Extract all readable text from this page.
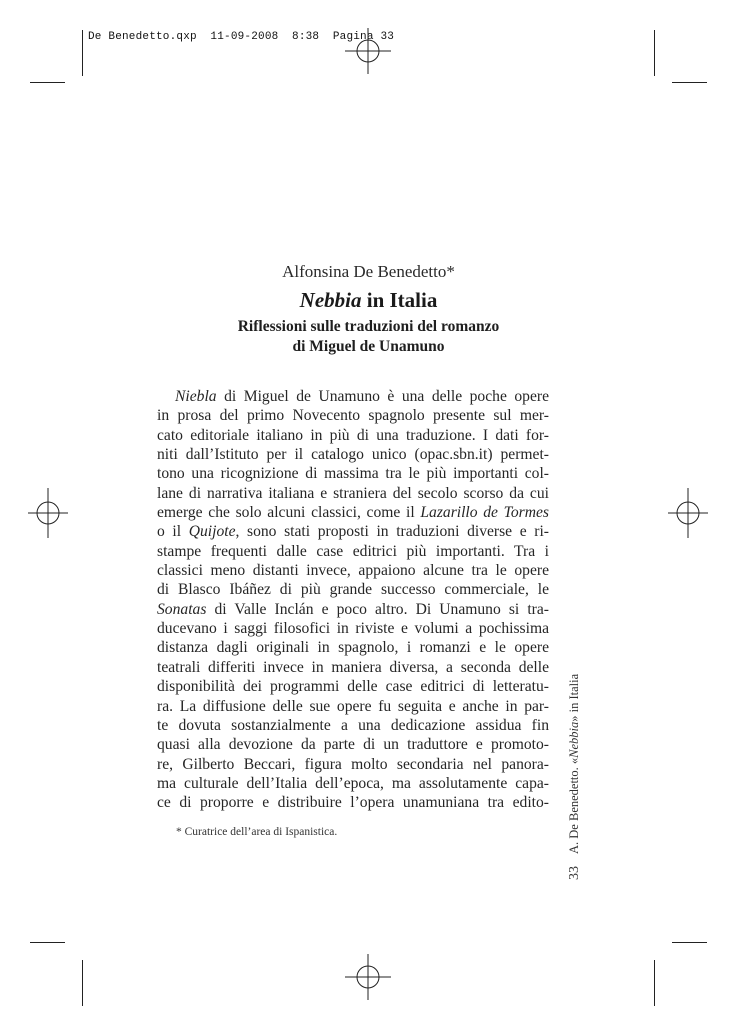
De Benedetto.qxp  11-09-2008  8:38  Pagina 33
Alfonsina De Benedetto*
Nebbia in Italia
Riflessioni sulle traduzioni del romanzo
di Miguel de Unamuno
Niebla di Miguel de Unamuno è una delle poche opere
in prosa del primo Novecento spagnolo presente sul mer-
cato editoriale italiano in più di una traduzione. I dati for-
niti dall’Istituto per il catalogo unico (opac.sbn.it) permet-
tono una ricognizione di massima tra le più importanti col-
lane di narrativa italiana e straniera del secolo scorso da cui
emerge che solo alcuni classici, come il Lazarillo de Tormes
o il Quijote, sono stati proposti in traduzioni diverse e ri-
stampe frequenti dalle case editrici più importanti. Tra i
classici meno distanti invece, appaiono alcune tra le opere
di Blasco Ibáñez di più grande successo commerciale, le
Sonatas di Valle Inclán e poco altro. Di Unamuno si tra-
ducevano i saggi filosofici in riviste e volumi a pochissima
distanza dagli originali in spagnolo, i romanzi e le opere
teatrali differiti invece in maniera diversa, a seconda delle
disponibilità dei programmi delle case editrici di letteratu-
ra. La diffusione delle sue opere fu seguita e anche in par-
te dovuta sostanzialmente a una dedicazione assidua fin
quasi alla devozione da parte di un traduttore e promoto-
re, Gilberto Beccari, figura molto secondaria nel panora-
ma culturale dell’Italia dell’epoca, ma assolutamente capa-
ce di proporre e distribuire l’opera unamuniana tra edito-
* Curatrice dell’area di Ispanistica.
33A. De Benedetto. «Nebbia» in Italia
